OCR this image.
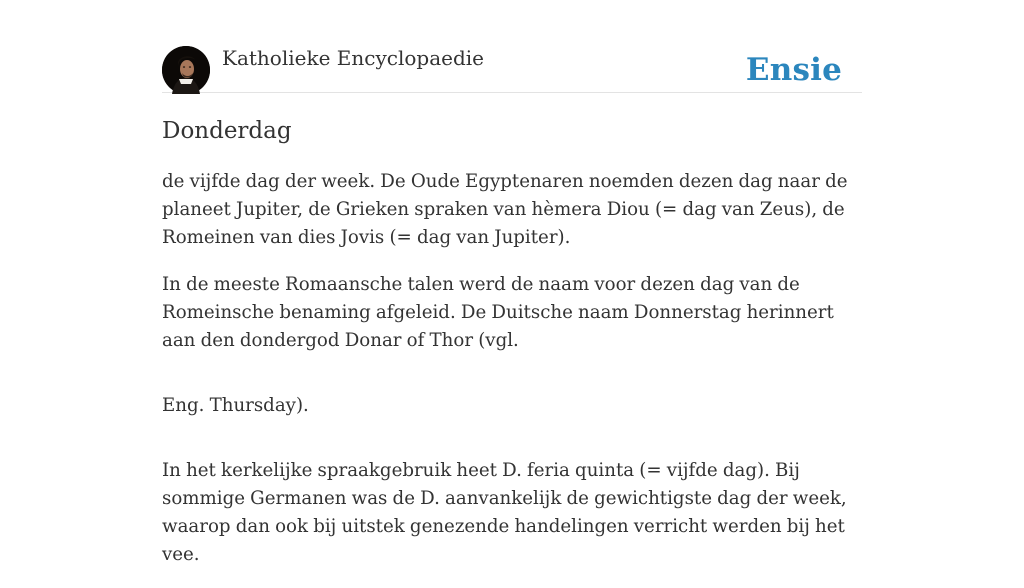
Katholieke Encyclopaedie	Ensie
Donderdag

de vijfde dag der week. De Oude Egyptenaren noemden dezen dag naar de planeet Jupiter, de Grieken spraken van hèmera Diou (= dag van Zeus), de Romeinen van dies Jovis (= dag van Jupiter).

In de meeste Romaansche talen werd de naam voor dezen dag van de Romeinsche benaming afgeleid. De Duitsche naam Donnerstag herinnert aan den dondergod Donar of Thor (vgl.

Eng. Thursday).

In het kerkelijke spraakgebruik heet D. feria quinta (= vijfde dag). Bij sommige Germanen was de D. aanvankelijk de gewichtigste dag der week, waarop dan ook bij uitstek genezende handelingen verricht werden bij het vee.
